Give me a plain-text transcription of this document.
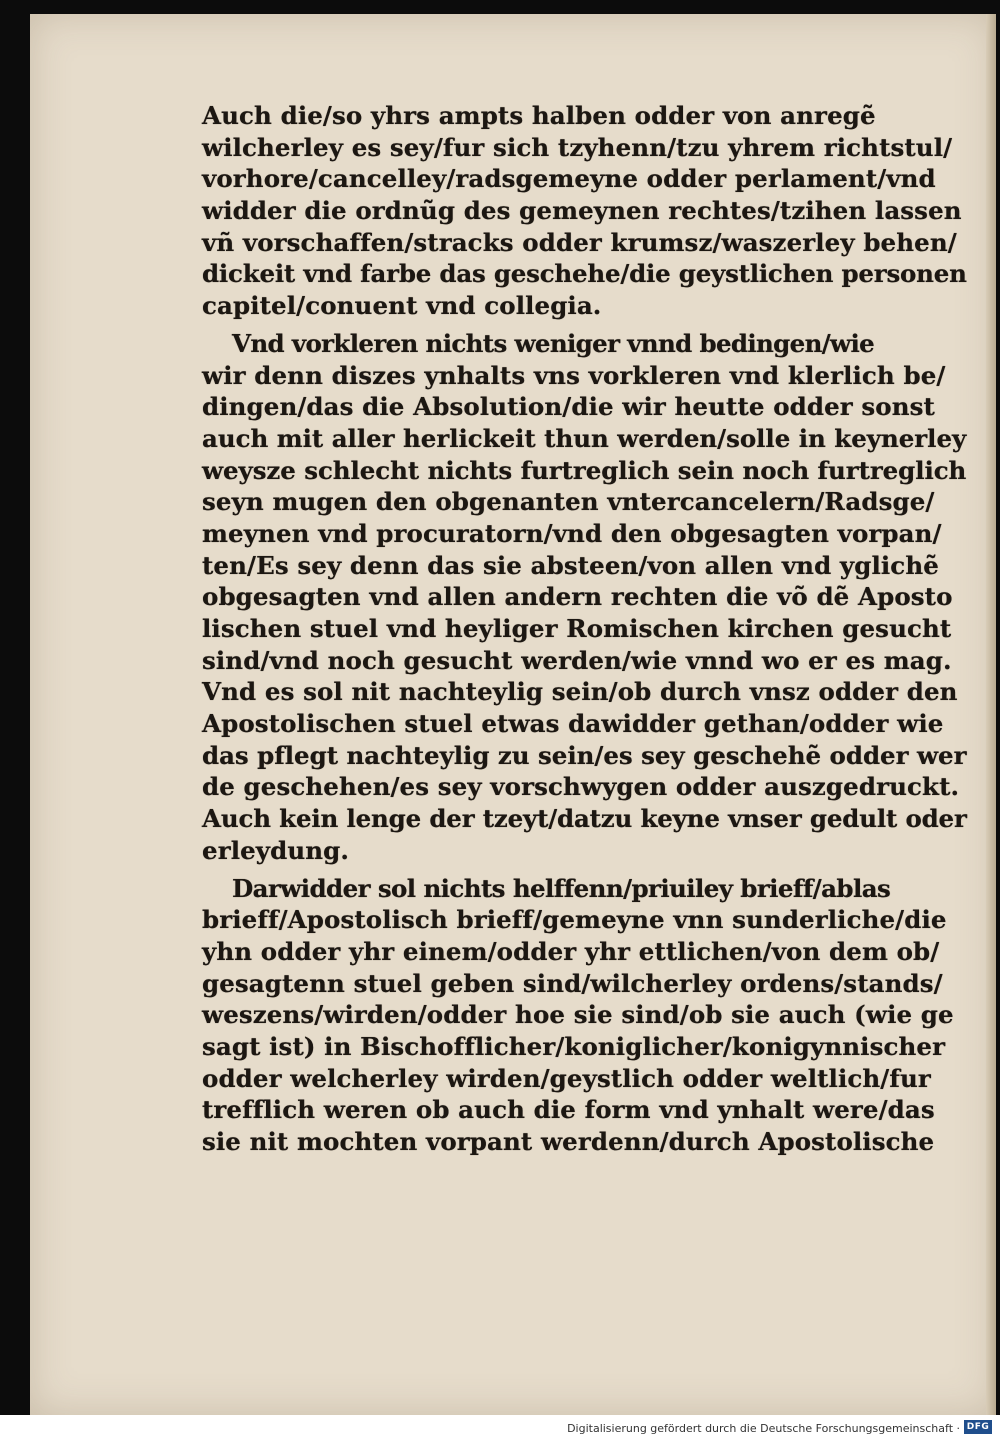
Auch die/so yhrs ampts halben odder von anregẽ
wilcherley es sey/fur sich tzyhenn/tzu yhrem richtstul/
vorhore/cancelley/radsgemeyne odder perlament/vnd
widder die ordnũg des gemeynen rechtes/tzihen lassen
vñ vorschaffen/stracks odder krumsz/waszerley behen/
dickeit vnd farbe das geschehe/die geystlichen personen
capitel/conuent vnd collegia.
Vnd vorkleren nichts weniger vnnd bedingen/wie
wir denn diszes ynhalts vns vorkleren vnd klerlich be/
dingen/das die Absolution/die wir heutte odder sonst
auch mit aller herlickeit thun werden/solle in keynerley
weysze schlecht nichts furtreglich sein noch furtreglich
seyn mugen den obgenanten vntercancelern/Radsge/
meynen vnd procuratorn/vnd den obgesagten vorpan/
ten/Es sey denn das sie absteen/von allen vnd yglichẽ
obgesagten vnd allen andern rechten die võ dẽ Aposto
lischen stuel vnd heyliger Romischen kirchen gesucht
sind/vnd noch gesucht werden/wie vnnd wo er es mag.
Vnd es sol nit nachteylig sein/ob durch vnsz odder den
Apostolischen stuel etwas dawidder gethan/odder wie
das pflegt nachteylig zu sein/es sey geschehẽ odder wer
de geschehen/es sey vorschwygen odder auszgedruckt.
Auch kein lenge der tzeyt/datzu keyne vnser gedult oder
erleydung.
Darwidder sol nichts helffenn/priuiley brieff/ablas
brieff/Apostolisch brieff/gemeyne vnn sunderliche/die
yhn odder yhr einem/odder yhr ettlichen/von dem ob/
gesagtenn stuel geben sind/wilcherley ordens/stands/
weszens/wirden/odder hoe sie sind/ob sie auch (wie ge
sagt ist) in Bischofflicher/koniglicher/konigynnischer
odder welcherley wirden/geystlich odder weltlich/fur
trefflich weren ob auch die form vnd ynhalt were/das
sie nit mochten vorpant werdenn/durch Apostolische
Digitalisierung gefördert durch die Deutsche Forschungsgemeinschaft · DFG
